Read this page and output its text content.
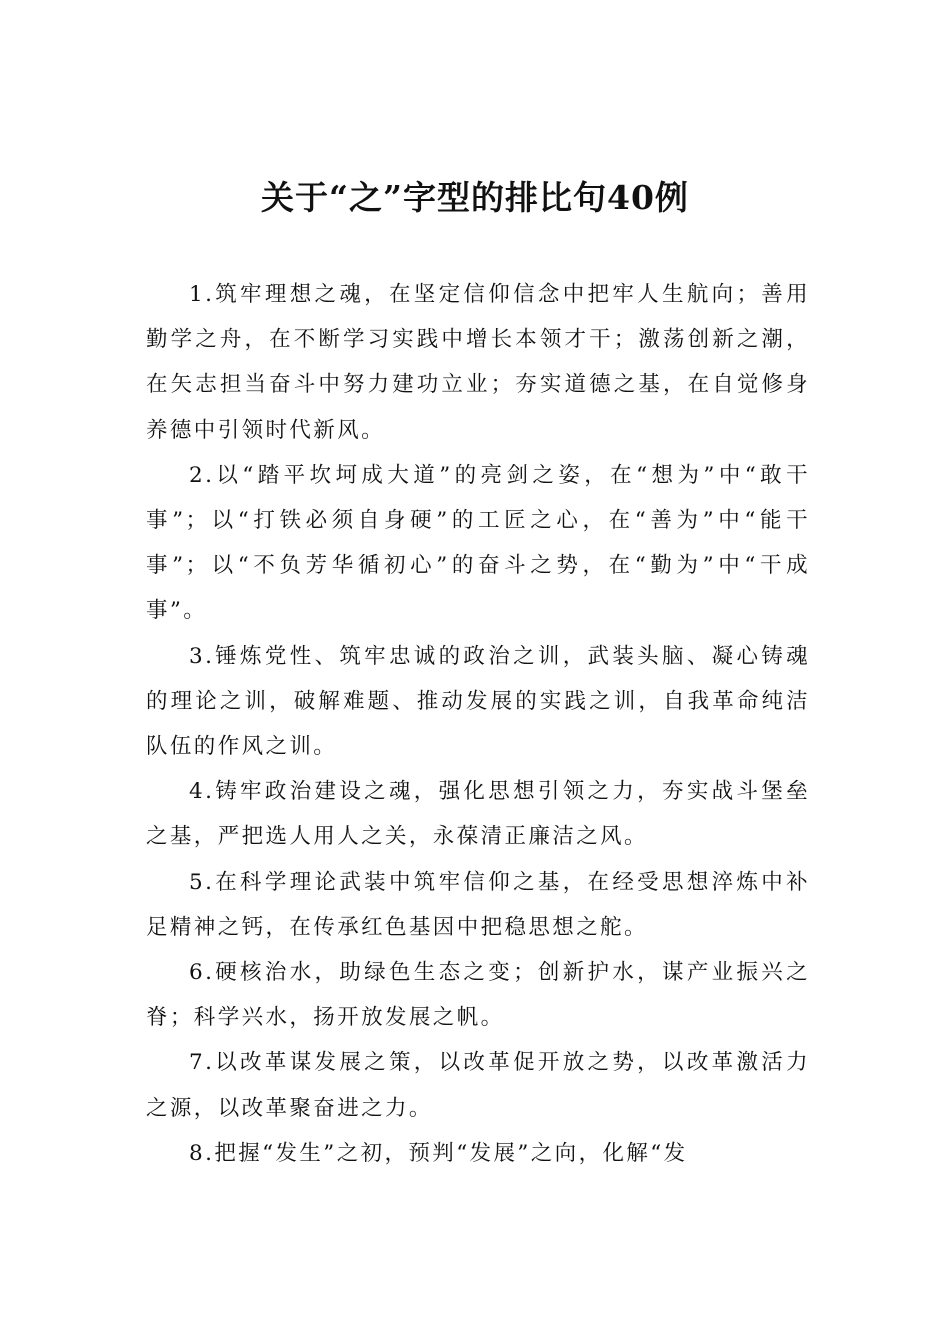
关于“之”字型的排比句40例

1.筑牢理想之魂，在坚定信仰信念中把牢人生航向；善用勤学之舟，在不断学习实践中增长本领才干；激荡创新之潮，在矢志担当奋斗中努力建功立业；夯实道德之基，在自觉修身养德中引领时代新风。

2.以“踏平坎坷成大道”的亮剑之姿，在“想为”中“敢干事”；以“打铁必须自身硬”的工匠之心，在“善为”中“能干事”；以“不负芳华循初心”的奋斗之势，在“勤为”中“干成事”。

3.锤炼党性、筑牢忠诚的政治之训，武装头脑、凝心铸魂的理论之训，破解难题、推动发展的实践之训，自我革命纯洁队伍的作风之训。

4.铸牢政治建设之魂，强化思想引领之力，夯实战斗堡垒之基，严把选人用人之关，永葆清正廉洁之风。

5.在科学理论武装中筑牢信仰之基，在经受思想淬炼中补足精神之钙，在传承红色基因中把稳思想之舵。

6.硬核治水，助绿色生态之变；创新护水，谋产业振兴之脊；科学兴水，扬开放发展之帆。

7.以改革谋发展之策，以改革促开放之势，以改革激活力之源，以改革聚奋进之力。

8.把握“发生”之初，预判“发展”之向，化解“发
